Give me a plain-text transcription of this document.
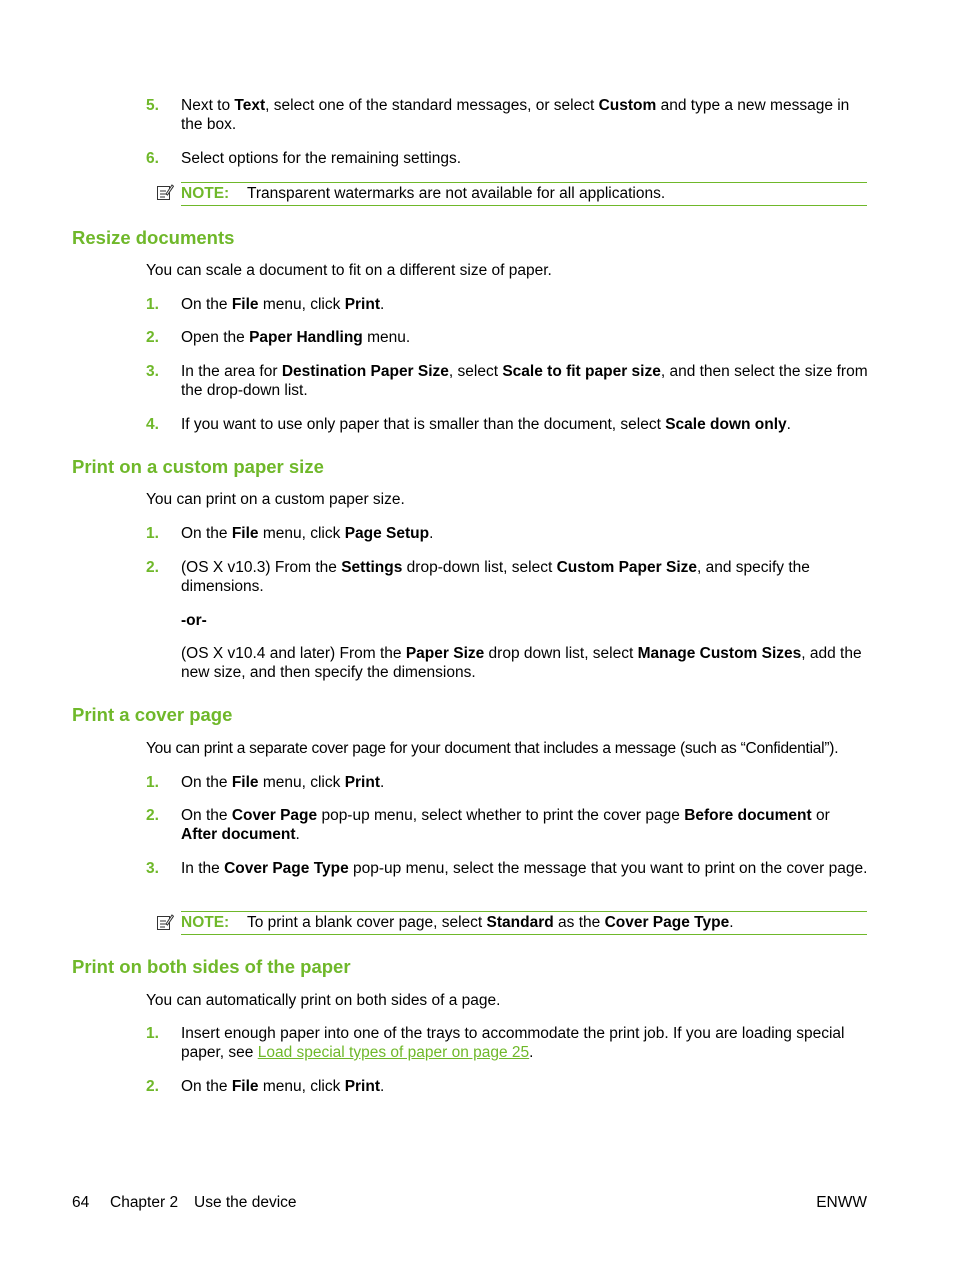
5. Next to Text, select one of the standard messages, or select Custom and type a new message in the box.
6. Select options for the remaining settings.
NOTE: Transparent watermarks are not available for all applications.
Resize documents
You can scale a document to fit on a different size of paper.
1. On the File menu, click Print.
2. Open the Paper Handling menu.
3. In the area for Destination Paper Size, select Scale to fit paper size, and then select the size from the drop-down list.
4. If you want to use only paper that is smaller than the document, select Scale down only.
Print on a custom paper size
You can print on a custom paper size.
1. On the File menu, click Page Setup.
2. (OS X v10.3) From the Settings drop-down list, select Custom Paper Size, and specify the dimensions.
-or-
(OS X v10.4 and later) From the Paper Size drop down list, select Manage Custom Sizes, add the new size, and then specify the dimensions.
Print a cover page
You can print a separate cover page for your document that includes a message (such as “Confidential”).
1. On the File menu, click Print.
2. On the Cover Page pop-up menu, select whether to print the cover page Before document or After document.
3. In the Cover Page Type pop-up menu, select the message that you want to print on the cover page.
NOTE: To print a blank cover page, select Standard as the Cover Page Type.
Print on both sides of the paper
You can automatically print on both sides of a page.
1. Insert enough paper into one of the trays to accommodate the print job. If you are loading special paper, see Load special types of paper on page 25.
2. On the File menu, click Print.
64 Chapter 2 Use the device	ENWW
